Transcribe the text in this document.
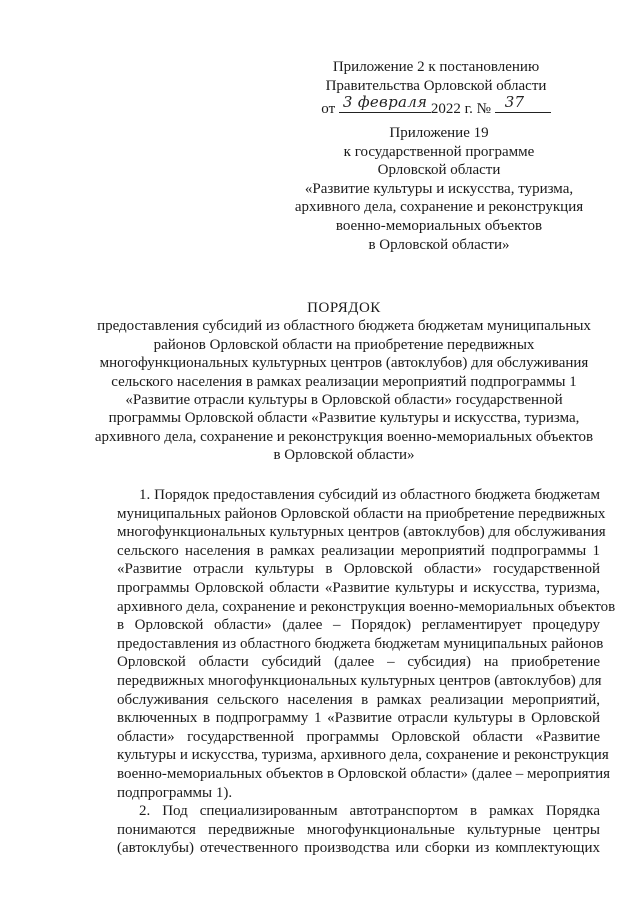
Приложение 2 к постановлению
Правительства Орловской области
от 3 февраля 2022 г. № 37
Приложение 19
к государственной программе
Орловской области
«Развитие культуры и искусства, туризма,
архивного дела, сохранение и реконструкция
военно-мемориальных объектов
в Орловской области»
ПОРЯДОК
предоставления субсидий из областного бюджета бюджетам муниципальных
районов Орловской области на приобретение передвижных
многофункциональных культурных центров (автоклубов) для обслуживания
сельского населения в рамках реализации мероприятий подпрограммы 1
«Развитие отрасли культуры в Орловской области» государственной
программы Орловской области «Развитие культуры и искусства, туризма,
архивного дела, сохранение и реконструкция военно-мемориальных объектов
в Орловской области»
1. Порядок предоставления субсидий из областного бюджета бюджетам
муниципальных районов Орловской области на приобретение передвижных
многофункциональных культурных центров (автоклубов) для обслуживания
сельского населения в рамках реализации мероприятий подпрограммы 1
«Развитие отрасли культуры в Орловской области» государственной
программы Орловской области «Развитие культуры и искусства, туризма,
архивного дела, сохранение и реконструкция военно-мемориальных объектов
в Орловской области» (далее – Порядок) регламентирует процедуру
предоставления из областного бюджета бюджетам муниципальных районов
Орловской области субсидий (далее – субсидия) на приобретение
передвижных многофункциональных культурных центров (автоклубов) для
обслуживания сельского населения в рамках реализации мероприятий,
включенных в подпрограмму 1 «Развитие отрасли культуры в Орловской
области» государственной программы Орловской области «Развитие
культуры и искусства, туризма, архивного дела, сохранение и реконструкция
военно-мемориальных объектов в Орловской области» (далее – мероприятия
подпрограммы 1).
2. Под специализированным автотранспортом в рамках Порядка
понимаются передвижные многофункциональные культурные центры
(автоклубы) отечественного производства или сборки из комплектующих
